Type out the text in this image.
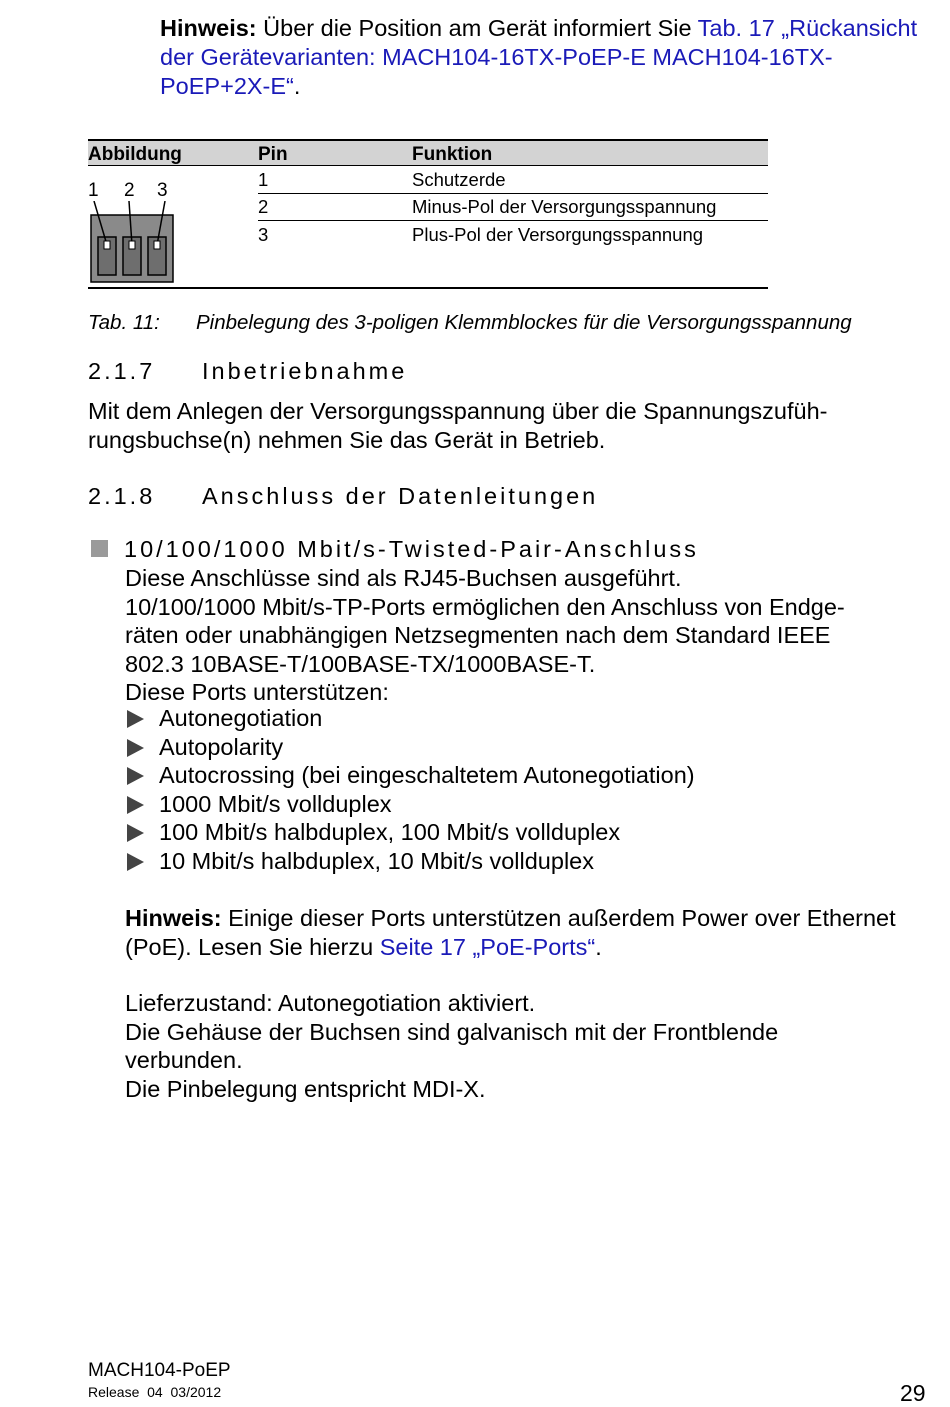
Hinweis: Über die Position am Gerät informiert Sie Tab. 17 „Rückansicht der Gerätevarianten: MACH104-16TX-PoEP-E MACH104-16TX-PoEP+2X-E“.
Abbildung	Pin	Funktion
1 2 3
1	Schutzerde
2	Minus-Pol der Versorgungsspannung
3	Plus-Pol der Versorgungsspannung
Tab. 11: Pinbelegung des 3-poligen Klemmblockes für die Versorgungsspannung
2.1.7 Inbetriebnahme
Mit dem Anlegen der Versorgungsspannung über die Spannungszufüh-
rungsbuchse(n) nehmen Sie das Gerät in Betrieb.
2.1.8 Anschluss der Datenleitungen
10/100/1000 Mbit/s-Twisted-Pair-Anschluss
Diese Anschlüsse sind als RJ45-Buchsen ausgeführt.
10/100/1000 Mbit/s-TP-Ports ermöglichen den Anschluss von Endge-
räten oder unabhängigen Netzsegmenten nach dem Standard IEEE
802.3 10BASE-T/100BASE-TX/1000BASE-T.
Diese Ports unterstützen:
Autonegotiation
Autopolarity
Autocrossing (bei eingeschaltetem Autonegotiation)
1000 Mbit/s vollduplex
100 Mbit/s halbduplex, 100 Mbit/s vollduplex
10 Mbit/s halbduplex, 10 Mbit/s vollduplex
Hinweis: Einige dieser Ports unterstützen außerdem Power over Ethernet (PoE). Lesen Sie hierzu Seite 17 „PoE-Ports“.
Lieferzustand: Autonegotiation aktiviert.
Die Gehäuse der Buchsen sind galvanisch mit der Frontblende
verbunden.
Die Pinbelegung entspricht MDI-X.
MACH104-PoEP
Release  04  03/2012	29
